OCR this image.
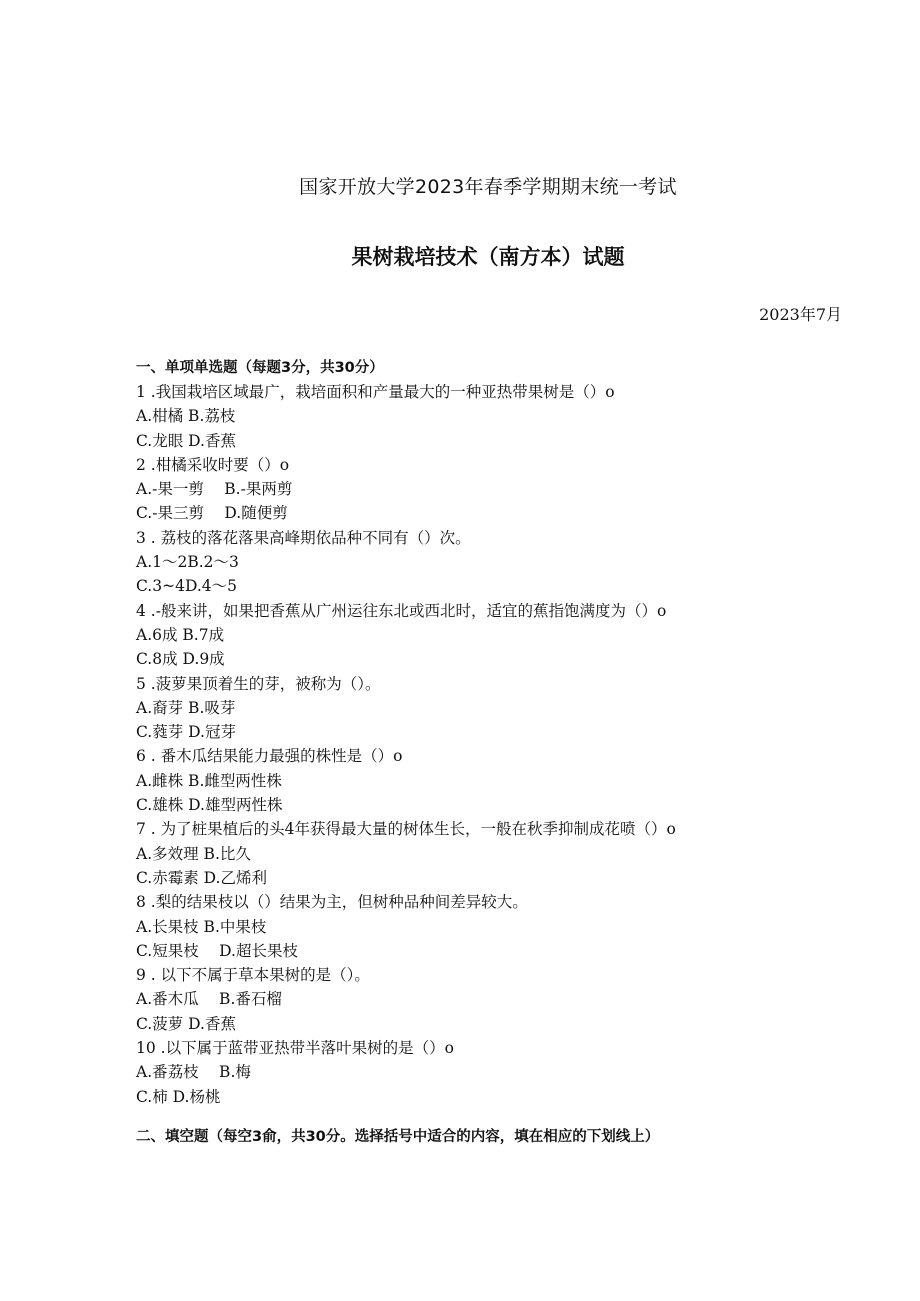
国家开放大学2023年春季学期期末统一考试
果树栽培技术（南方本）试题
2023年7月
一、单项单选题（每题3分，共30分）
1 .我国栽培区域最广，栽培面积和产量最大的一种亚热带果树是（）o
A.柑橘 B.荔枝
C.龙眼 D.香蕉
2 .柑橘采收时要（）o
A.-果一剪　 B.-果两剪
C.-果三剪　 D.随便剪
3 . 荔枝的落花落果高峰期依品种不同有（）次。
A.1～2B.2～3
C.3~4D.4～5
4 .-般来讲，如果把香蕉从广州运往东北或西北时，适宜的蕉指饱满度为（）o
A.6成 B.7成
C.8成 D.9成
5 .菠萝果顶着生的芽，被称为（）。
A.裔芽 B.吸芽
C.蕤芽 D.冠芽
6 . 番木瓜结果能力最强的株性是（）o
A.雌株 B.雌型两性株
C.雄株 D.雄型两性株
7 . 为了桩果植后的头4年获得最大量的树体生长，一般在秋季抑制成花喷（）o
A.多效理 B.比久
C.赤霉素 D.乙烯利
8 .梨的结果枝以（）结果为主，但树种品种间差异较大。
A.长果枝 B.中果枝
C.短果枝　 D.超长果枝
9 . 以下不属于草本果树的是（）。
A.番木瓜　 B.番石榴
C.菠萝 D.香蕉
10 .以下属于蓝带亚热带半落叶果树的是（）o
A.番荔枝　 B.梅
C.柿 D.杨桃
二、填空题（每空3俞，共30分。选择括号中适合的内容，填在相应的下划线上）
